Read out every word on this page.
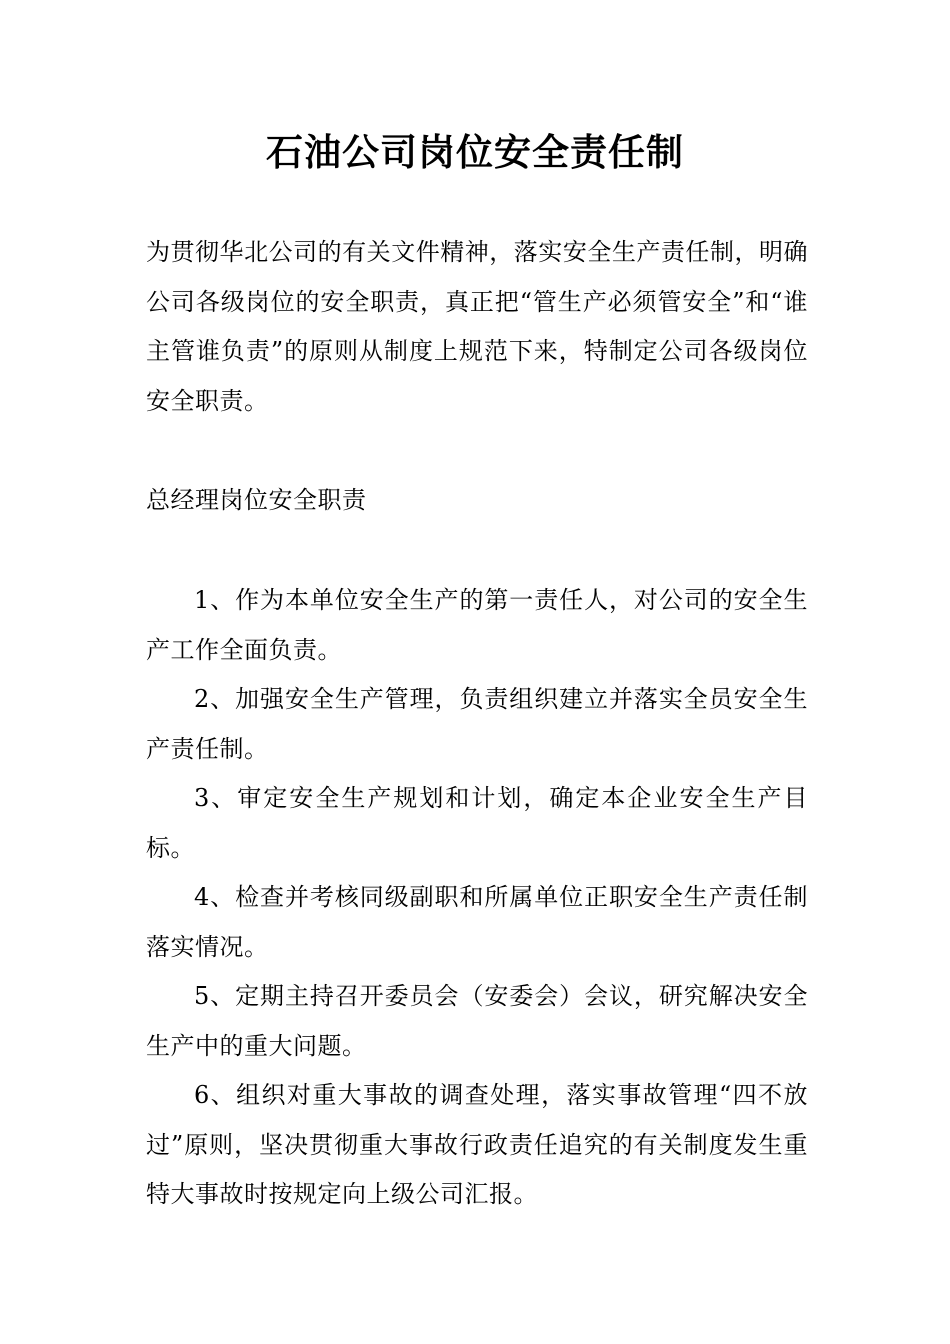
石油公司岗位安全责任制

为贯彻华北公司的有关文件精神，落实安全生产责任制，明确公司各级岗位的安全职责，真正把“管生产必须管安全”和“谁主管谁负责”的原则从制度上规范下来，特制定公司各级岗位安全职责。

总经理岗位安全职责

1、作为本单位安全生产的第一责任人，对公司的安全生产工作全面负责。
2、加强安全生产管理，负责组织建立并落实全员安全生产责任制。
3、审定安全生产规划和计划，确定本企业安全生产目标。
4、检查并考核同级副职和所属单位正职安全生产责任制落实情况。
5、定期主持召开委员会（安委会）会议，研究解决安全生产中的重大问题。
6、组织对重大事故的调查处理，落实事故管理“四不放过”原则，坚决贯彻重大事故行政责任追究的有关制度发生重特大事故时按规定向上级公司汇报。
